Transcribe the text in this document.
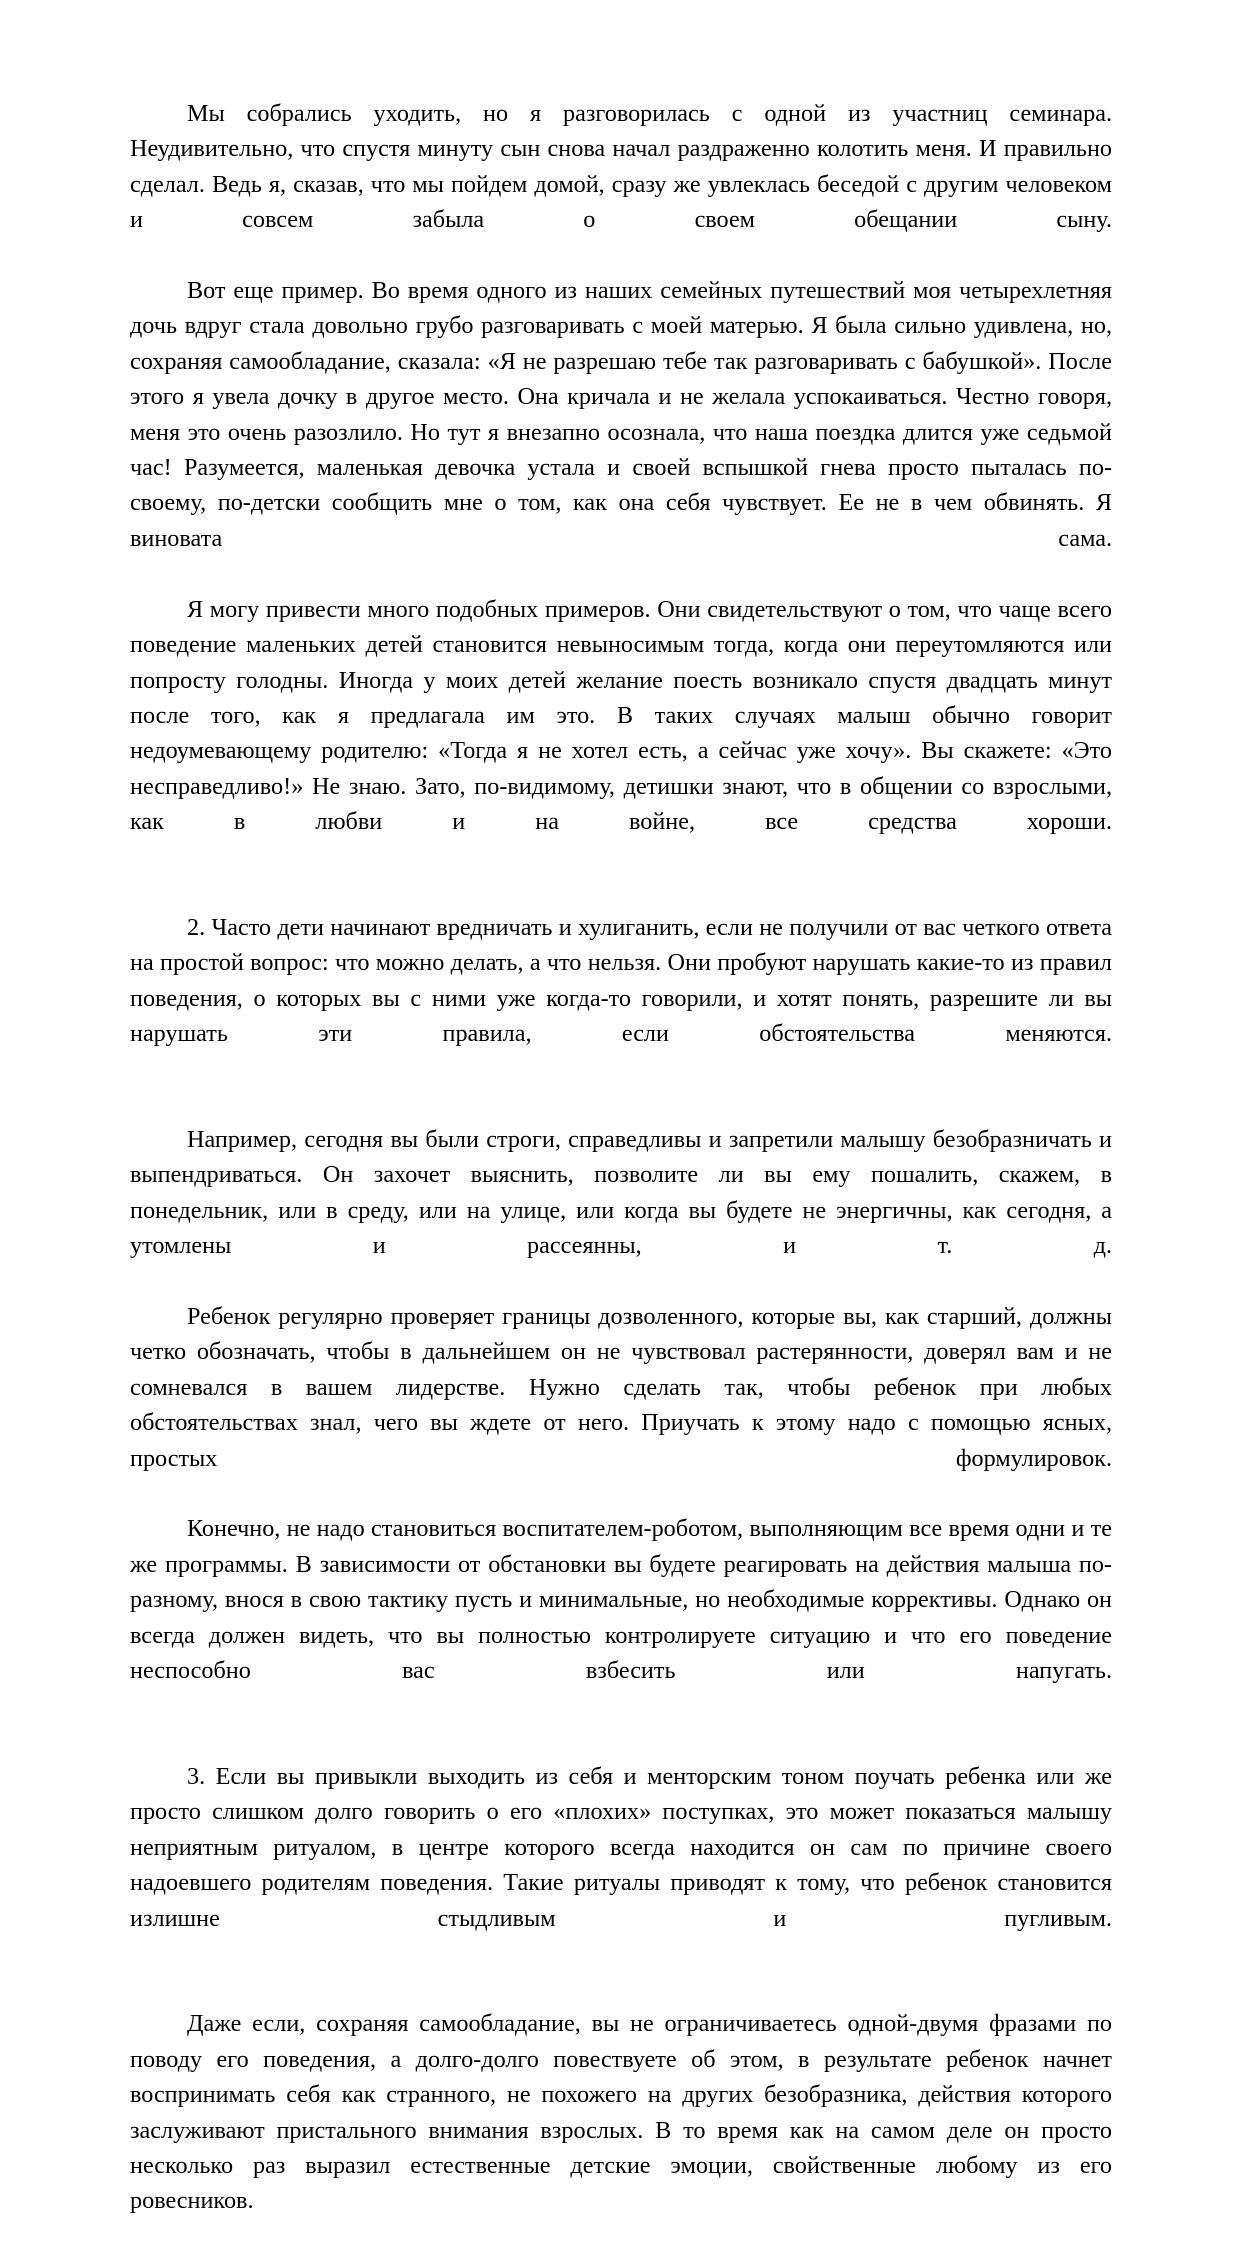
Мы собрались уходить, но я разговорилась с одной из участниц семинара. Неудивительно, что спустя минуту сын снова начал раздраженно колотить меня. И правильно сделал. Ведь я, сказав, что мы пойдем домой, сразу же увлеклась беседой с другим человеком и совсем забыла о своем обещании сыну.

Вот еще пример. Во время одного из наших семейных путешествий моя четырехлетняя дочь вдруг стала довольно грубо разговаривать с моей матерью. Я была сильно удивлена, но, сохраняя самообладание, сказала: «Я не разрешаю тебе так разговаривать с бабушкой». После этого я увела дочку в другое место. Она кричала и не желала успокаиваться. Честно говоря, меня это очень разозлило. Но тут я внезапно осознала, что наша поездка длится уже седьмой час! Разумеется, маленькая девочка устала и своей вспышкой гнева просто пыталась по-своему, по-детски сообщить мне о том, как она себя чувствует. Ее не в чем обвинять. Я виновата сама.

Я могу привести много подобных примеров. Они свидетельствуют о том, что чаще всего поведение маленьких детей становится невыносимым тогда, когда они переутомляются или попросту голодны. Иногда у моих детей желание поесть возникало спустя двадцать минут после того, как я предлагала им это. В таких случаях малыш обычно говорит недоумевающему родителю: «Тогда я не хотел есть, а сейчас уже хочу». Вы скажете: «Это несправедливо!» Не знаю. Зато, по-видимому, детишки знают, что в общении со взрослыми, как в любви и на войне, все средства хороши.

2. Часто дети начинают вредничать и хулиганить, если не получили от вас четкого ответа на простой вопрос: что можно делать, а что нельзя. Они пробуют нарушать какие-то из правил поведения, о которых вы с ними уже когда-то говорили, и хотят понять, разрешите ли вы нарушать эти правила, если обстоятельства меняются.

Например, сегодня вы были строги, справедливы и запретили малышу безобразничать и выпендриваться. Он захочет выяснить, позволите ли вы ему пошалить, скажем, в понедельник, или в среду, или на улице, или когда вы будете не энергичны, как сегодня, а утомлены и рассеянны, и т. д.

Ребенок регулярно проверяет границы дозволенного, которые вы, как старший, должны четко обозначать, чтобы в дальнейшем он не чувствовал растерянности, доверял вам и не сомневался в вашем лидерстве. Нужно сделать так, чтобы ребенок при любых обстоятельствах знал, чего вы ждете от него. Приучать к этому надо с помощью ясных, простых формулировок.

Конечно, не надо становиться воспитателем-роботом, выполняющим все время одни и те же программы. В зависимости от обстановки вы будете реагировать на действия малыша по-разному, внося в свою тактику пусть и минимальные, но необходимые коррективы. Однако он всегда должен видеть, что вы полностью контролируете ситуацию и что его поведение неспособно вас взбесить или напугать.

3. Если вы привыкли выходить из себя и менторским тоном поучать ребенка или же просто слишком долго говорить о его «плохих» поступках, это может показаться малышу неприятным ритуалом, в центре которого всегда находится он сам по причине своего надоевшего родителям поведения. Такие ритуалы приводят к тому, что ребенок становится излишне стыдливым и пугливым.

Даже если, сохраняя самообладание, вы не ограничиваетесь одной-двумя фразами по поводу его поведения, а долго-долго повествуете об этом, в результате ребенок начнет воспринимать себя как странного, не похожего на других безобразника, действия которого заслуживают пристального внимания взрослых. В то время как на самом деле он просто несколько раз выразил естественные детские эмоции, свойственные любому из его ровесников.
